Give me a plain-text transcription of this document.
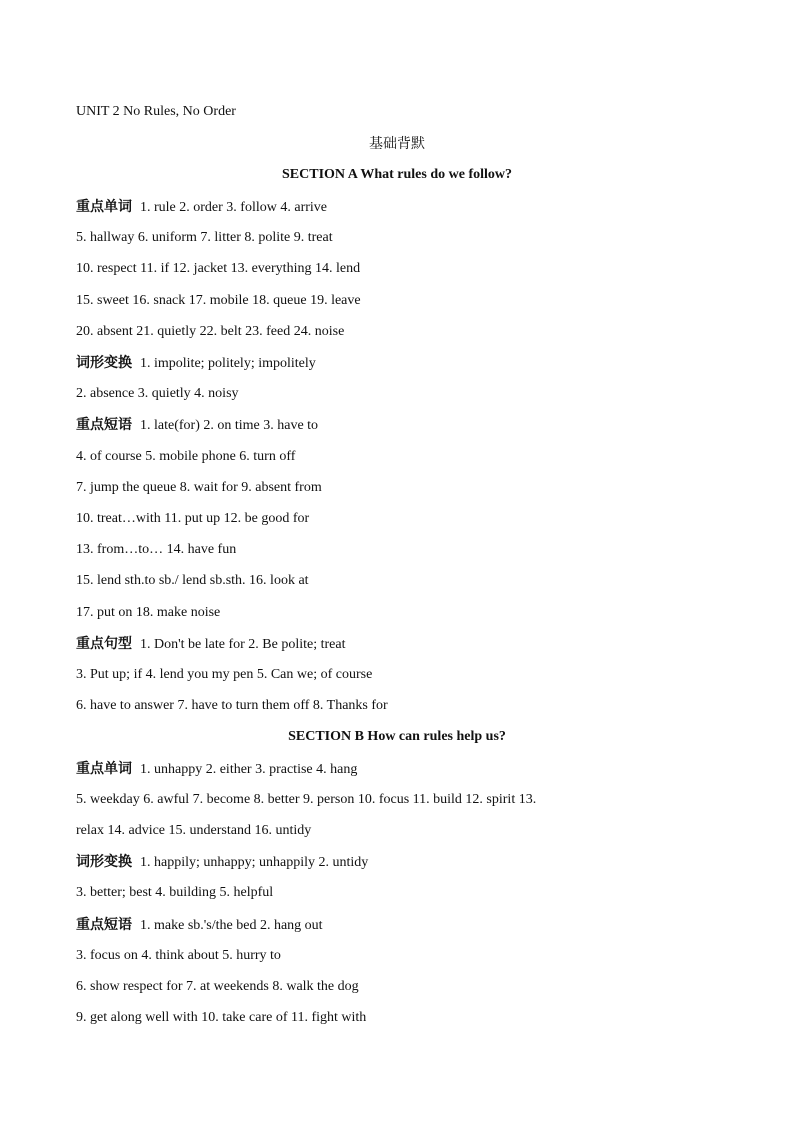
UNIT 2 No Rules, No Order
基础背默
SECTION A What rules do we follow?
重点单词 1. rule 2. order 3. follow 4. arrive
5. hallway 6. uniform 7. litter 8. polite 9. treat
10. respect 11. if 12. jacket 13. everything 14. lend
15. sweet 16. snack 17. mobile 18. queue 19. leave
20. absent 21. quietly 22. belt 23. feed 24. noise
词形变换 1. impolite; politely; impolitely
2. absence 3. quietly 4. noisy
重点短语 1. late(for) 2. on time 3. have to
4. of course 5. mobile phone 6. turn off
7. jump the queue 8. wait for 9. absent from
10. treat…with 11. put up 12. be good for
13. from…to… 14. have fun
15. lend sth.to sb./ lend sb.sth. 16. look at
17. put on 18. make noise
重点句型 1. Don't be late for 2. Be polite; treat
3. Put up; if 4. lend you my pen 5. Can we; of course
6. have to answer 7. have to turn them off 8. Thanks for
SECTION B How can rules help us?
重点单词 1. unhappy 2. either 3. practise 4. hang
5. weekday 6. awful 7. become 8. better 9. person 10. focus 11. build 12. spirit 13.
relax 14. advice 15. understand 16. untidy
词形变换 1. happily; unhappy; unhappily 2. untidy
3. better; best 4. building 5. helpful
重点短语 1. make sb.'s/the bed 2. hang out
3. focus on 4. think about 5. hurry to
6. show respect for 7. at weekends 8. walk the dog
9. get along well with 10. take care of 11. fight with
